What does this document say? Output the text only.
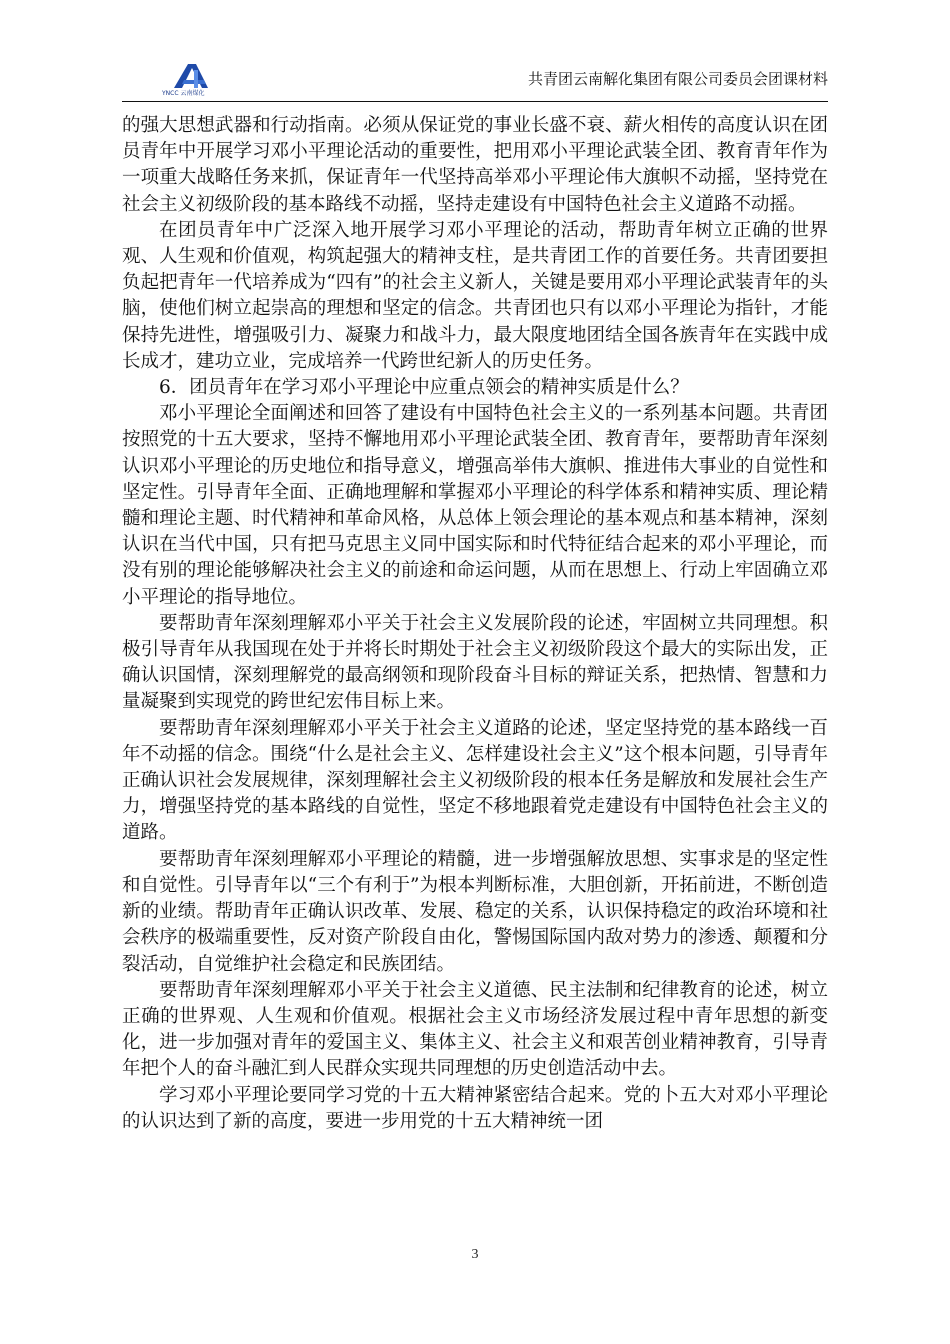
YNCC 云南煤化
共青团云南解化集团有限公司委员会团课材料

的强大思想武器和行动指南。必须从保证党的事业长盛不衰、薪火相传的高度认识在团员青年中开展学习邓小平理论活动的重要性，把用邓小平理论武装全团、教育青年作为一项重大战略任务来抓，保证青年一代坚持高举邓小平理论伟大旗帜不动摇，坚持党在社会主义初级阶段的基本路线不动摇，坚持走建设有中国特色社会主义道路不动摇。

在团员青年中广泛深入地开展学习邓小平理论的活动，帮助青年树立正确的世界观、人生观和价值观，构筑起强大的精神支柱，是共青团工作的首要任务。共青团要担负起把青年一代培养成为“四有”的社会主义新人，关键是要用邓小平理论武装青年的头脑，使他们树立起崇高的理想和坚定的信念。共青团也只有以邓小平理论为指针，才能保持先进性，增强吸引力、凝聚力和战斗力，最大限度地团结全国各族青年在实践中成长成才，建功立业，完成培养一代跨世纪新人的历史任务。

6．团员青年在学习邓小平理论中应重点领会的精神实质是什么？

邓小平理论全面阐述和回答了建设有中国特色社会主义的一系列基本问题。共青团按照党的十五大要求，坚持不懈地用邓小平理论武装全团、教育青年，要帮助青年深刻认识邓小平理论的历史地位和指导意义，增强高举伟大旗帜、推进伟大事业的自觉性和坚定性。引导青年全面、正确地理解和掌握邓小平理论的科学体系和精神实质、理论精髓和理论主题、时代精神和革命风格，从总体上领会理论的基本观点和基本精神，深刻认识在当代中国，只有把马克思主义同中国实际和时代特征结合起来的邓小平理论，而没有别的理论能够解决社会主义的前途和命运问题，从而在思想上、行动上牢固确立邓小平理论的指导地位。

要帮助青年深刻理解邓小平关于社会主义发展阶段的论述，牢固树立共同理想。积极引导青年从我国现在处于并将长时期处于社会主义初级阶段这个最大的实际出发，正确认识国情，深刻理解党的最高纲领和现阶段奋斗目标的辩证关系，把热情、智慧和力量凝聚到实现党的跨世纪宏伟目标上来。

要帮助青年深刻理解邓小平关于社会主义道路的论述，坚定坚持党的基本路线一百年不动摇的信念。围绕“什么是社会主义、怎样建设社会主义”这个根本问题，引导青年正确认识社会发展规律，深刻理解社会主义初级阶段的根本任务是解放和发展社会生产力，增强坚持党的基本路线的自觉性，坚定不移地跟着党走建设有中国特色社会主义的道路。

要帮助青年深刻理解邓小平理论的精髓，进一步增强解放思想、实事求是的坚定性和自觉性。引导青年以“三个有利于”为根本判断标准，大胆创新，开拓前进，不断创造新的业绩。帮助青年正确认识改革、发展、稳定的关系，认识保持稳定的政治环境和社会秩序的极端重要性，反对资产阶段自由化，警惕国际国内敌对势力的渗透、颠覆和分裂活动，自觉维护社会稳定和民族团结。

要帮助青年深刻理解邓小平关于社会主义道德、民主法制和纪律教育的论述，树立正确的世界观、人生观和价值观。根据社会主义市场经济发展过程中青年思想的新变化，进一步加强对青年的爱国主义、集体主义、社会主义和艰苦创业精神教育，引导青年把个人的奋斗融汇到人民群众实现共同理想的历史创造活动中去。

学习邓小平理论要同学习党的十五大精神紧密结合起来。党的卜五大对邓小平理论的认识达到了新的高度，要进一步用党的十五大精神统一团

3
